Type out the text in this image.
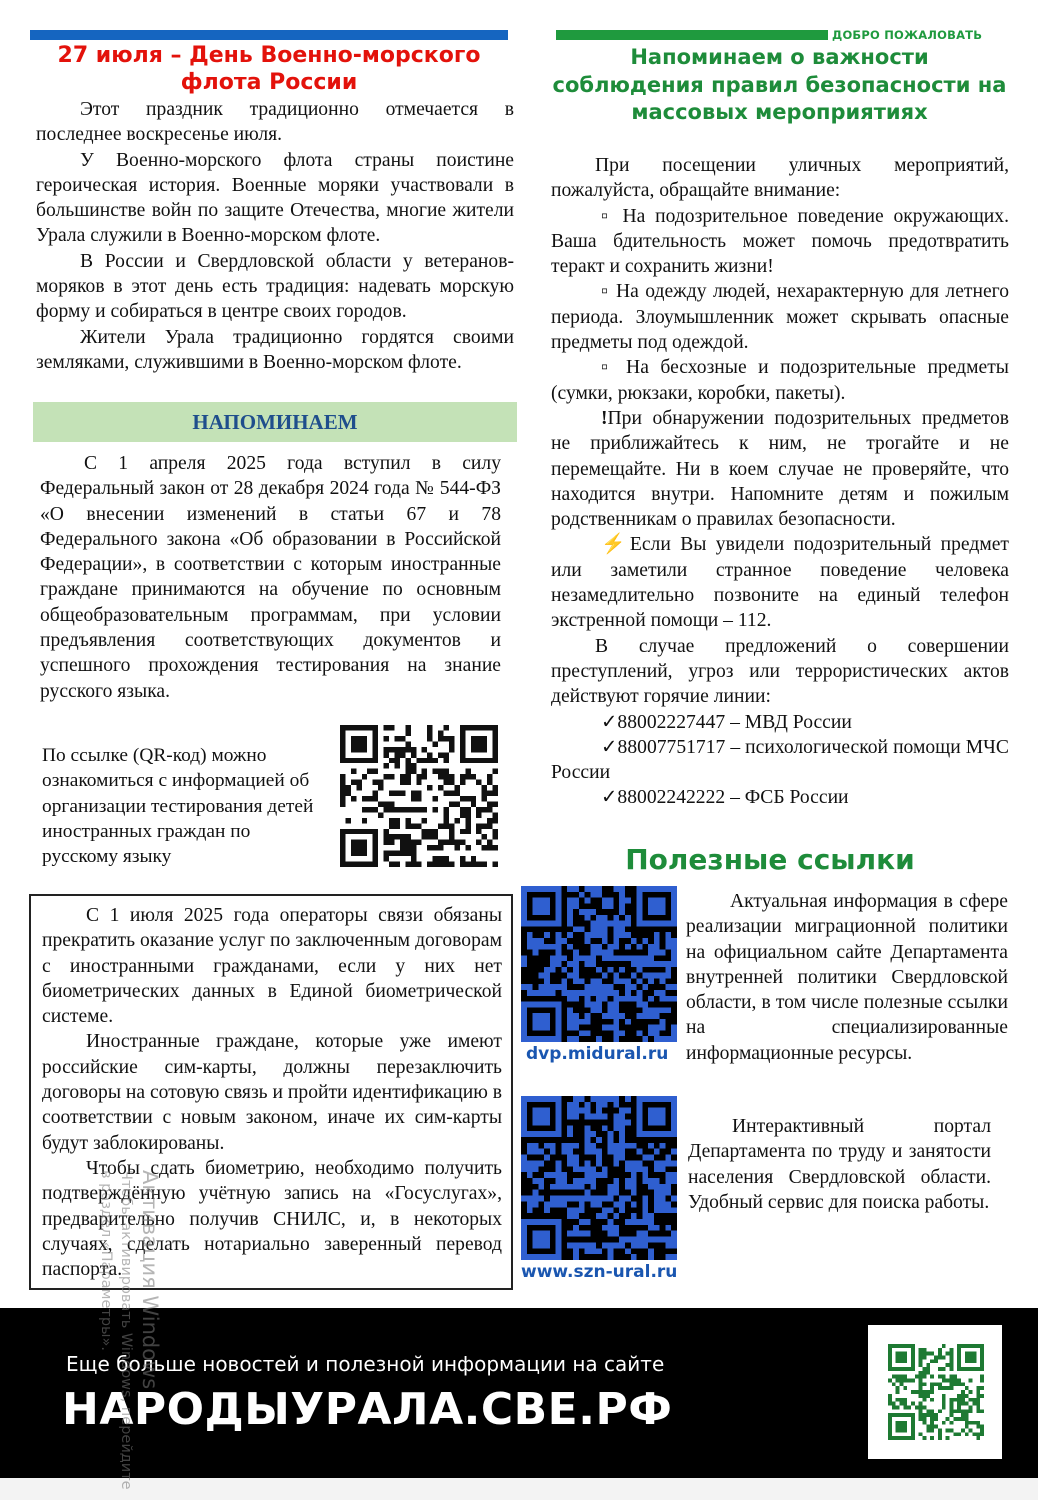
27 июля – День Военно-морского флота России

Этот праздник традиционно отмечается в последнее воскресенье июля.

У Военно-морского флота страны поистине героическая история. Военные моряки участвовали в большинстве войн по защите Отечества, многие жители Урала служили в Военно-морском флоте.

В России и Свердловской области у ветеранов-моряков в этот день есть традиция: надевать морскую форму и собираться в центре своих городов.

Жители Урала традиционно гордятся своими земляками, служившими в Военно-морском флоте.

НАПОМИНАЕМ

С 1 апреля 2025 года вступил в силу Федеральный закон от 28 декабря 2024 года № 544-ФЗ «О внесении изменений в статьи 67 и 78 Федерального закона «Об образовании в Российской Федерации», в соответствии с которым иностранные граждане принимаются на обучение по основным общеобразовательным программам, при условии предъявления соответствующих документов и успешного прохождения тестирования на знание русского языка.

По ссылке (QR-код) можно ознакомиться с информацией об организации тестирования детей иностранных граждан по русскому языку

С 1 июля 2025 года операторы связи обязаны прекратить оказание услуг по заключенным договорам с иностранными гражданами, если у них нет биометрических данных в Единой биометрической системе.

Иностранные граждане, которые уже имеют российские сим-карты, должны перезаключить договоры на сотовую связь и пройти идентификацию в соответствии с новым законом, иначе их сим-карты будут заблокированы.

Чтобы сдать биометрию, необходимо получить подтверждённую учётную запись на «Госуслугах», предварительно получив СНИЛС, и, в некоторых случаях, сделать нотариально заверенный перевод паспорта.

ДОБРО ПОЖАЛОВАТЬ
Напоминаем о важности соблюдения правил безопасности на массовых мероприятиях

При посещении уличных мероприятий, пожалуйста, обращайте внимание:

▫ На подозрительное поведение окружающих. Ваша бдительность может помочь предотвратить теракт и сохранить жизни!

▫ На одежду людей, нехарактерную для летнего периода. Злоумышленник может скрывать опасные предметы под одеждой.

▫ На бесхозные и подозрительные предметы (сумки, рюкзаки, коробки, пакеты).

!При обнаружении подозрительных предметов не приближайтесь к ним, не трогайте и не перемещайте. Ни в коем случае не проверяйте, что находится внутри. Напомните детям и пожилым родственникам о правилах безопасности.

⚡Если Вы увидели подозрительный предмет или заметили странное поведение человека незамедлительно позвоните на единый телефон экстренной помощи – 112.

В случае предложений о совершении преступлений, угроз или террористических актов действуют горячие линии:

✓88002227447 – МВД России

✓88007751717 – психологической помощи МЧС России

✓88002242222 – ФСБ России

Полезные ссылки
dvp.midural.ru

Актуальная информация в сфере реализации миграционной политики на официальном сайте Департамента внутренней политики Свердловской области, в том числе полезные ссылки на специализированные информационные ресурсы.

www.szn-ural.ru

Интерактивный портал Департамента по труду и занятости населения Свердловской области. Удобный сервис для поиска работы.

Еще больше новостей и полезной информации на сайте
НАРОДЫУРАЛА.СВЕ.РФ
Активация Windows
Чтобы активировать Windows, перейдите в раздел «Параметры».
